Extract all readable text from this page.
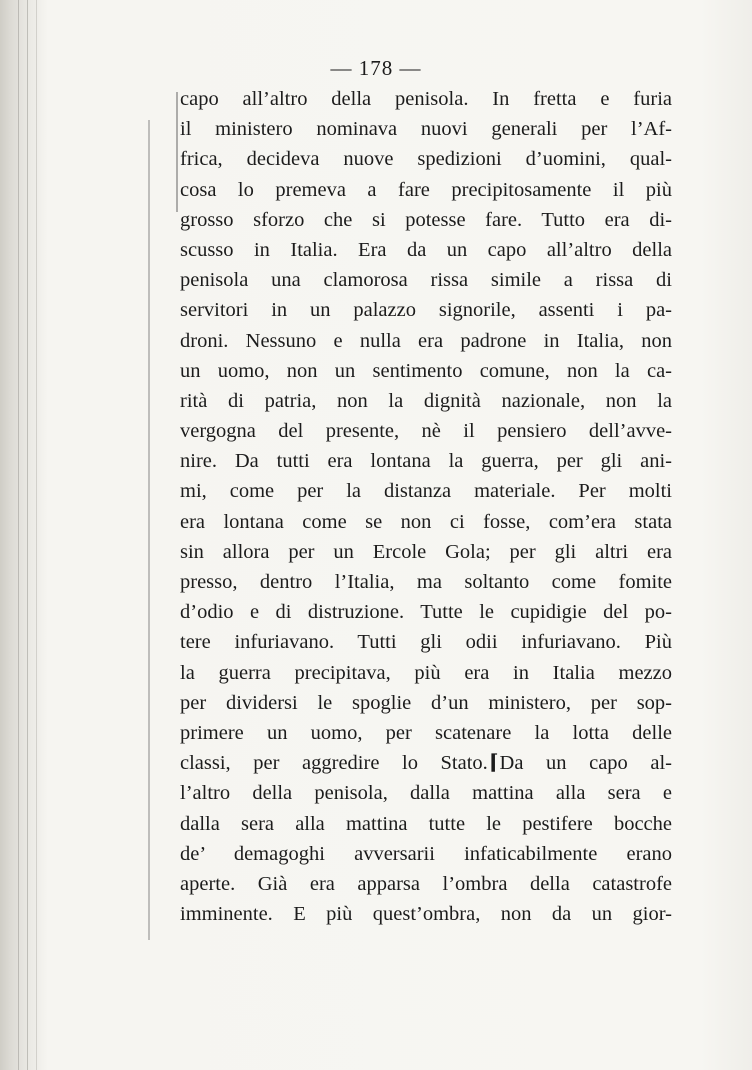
— 178 —
capo all’altro della penisola. In fretta e furia
il ministero nominava nuovi generali per l’Af-
frica, decideva nuove spedizioni d’uomini, qual-
cosa lo premeva a fare precipitosamente il più
grosso sforzo che si potesse fare. Tutto era di-
scusso in Italia. Era da un capo all’altro della
penisola una clamorosa rissa simile a rissa di
servitori in un palazzo signorile, assenti i pa-
droni. Nessuno e nulla era padrone in Italia, non
un uomo, non un sentimento comune, non la ca-
rità di patria, non la dignità nazionale, non la
vergogna del presente, nè il pensiero dell’avve-
nire. Da tutti era lontana la guerra, per gli ani-
mi, come per la distanza materiale. Per molti
era lontana come se non ci fosse, com’era stata
sin allora per un Ercole Gola; per gli altri era
presso, dentro l’Italia, ma soltanto come fomite
d’odio e di distruzione. Tutte le cupidigie del po-
tere infuriavano. Tutti gli odii infuriavano. Più
la guerra precipitava, più era in Italia mezzo
per dividersi le spoglie d’un ministero, per sop-
primere un uomo, per scatenare la lotta delle
classi, per aggredire lo Stato.⌈Da un capo al-
l’altro della penisola, dalla mattina alla sera e
dalla sera alla mattina tutte le pestifere bocche
de’ demagoghi avversarii infaticabilmente erano
aperte. Già era apparsa l’ombra della catastrofe
imminente. E più quest’ombra, non da un gior-
